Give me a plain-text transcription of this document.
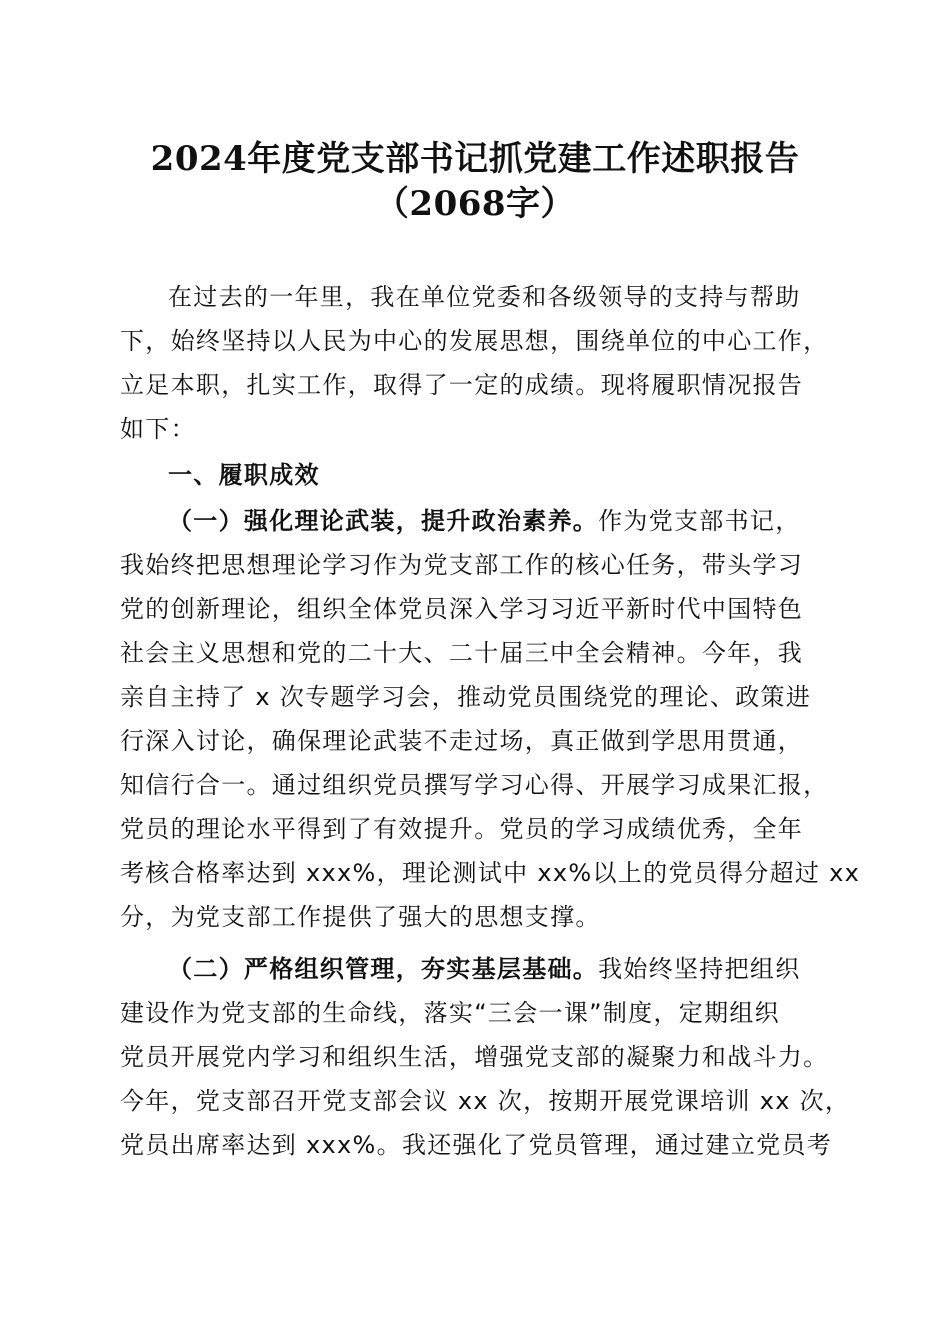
2024年度党支部书记抓党建工作述职报告
（2068字）
在过去的一年里，我在单位党委和各级领导的支持与帮助
下，始终坚持以人民为中心的发展思想，围绕单位的中心工作，
立足本职，扎实工作，取得了一定的成绩。现将履职情况报告
如下：
一、履职成效
（一）强化理论武装，提升政治素养。作为党支部书记，
我始终把思想理论学习作为党支部工作的核心任务，带头学习
党的创新理论，组织全体党员深入学习习近平新时代中国特色
社会主义思想和党的二十大、二十届三中全会精神。今年，我
亲自主持了 x 次专题学习会，推动党员围绕党的理论、政策进
行深入讨论，确保理论武装不走过场，真正做到学思用贯通，
知信行合一。通过组织党员撰写学习心得、开展学习成果汇报，
党员的理论水平得到了有效提升。党员的学习成绩优秀，全年
考核合格率达到 xxx%，理论测试中 xx%以上的党员得分超过 xx
分，为党支部工作提供了强大的思想支撑。
（二）严格组织管理，夯实基层基础。我始终坚持把组织
建设作为党支部的生命线，落实“三会一课”制度，定期组织
党员开展党内学习和组织生活，增强党支部的凝聚力和战斗力。
今年，党支部召开党支部会议 xx 次，按期开展党课培训 xx 次，
党员出席率达到 xxx%。我还强化了党员管理，通过建立党员考
